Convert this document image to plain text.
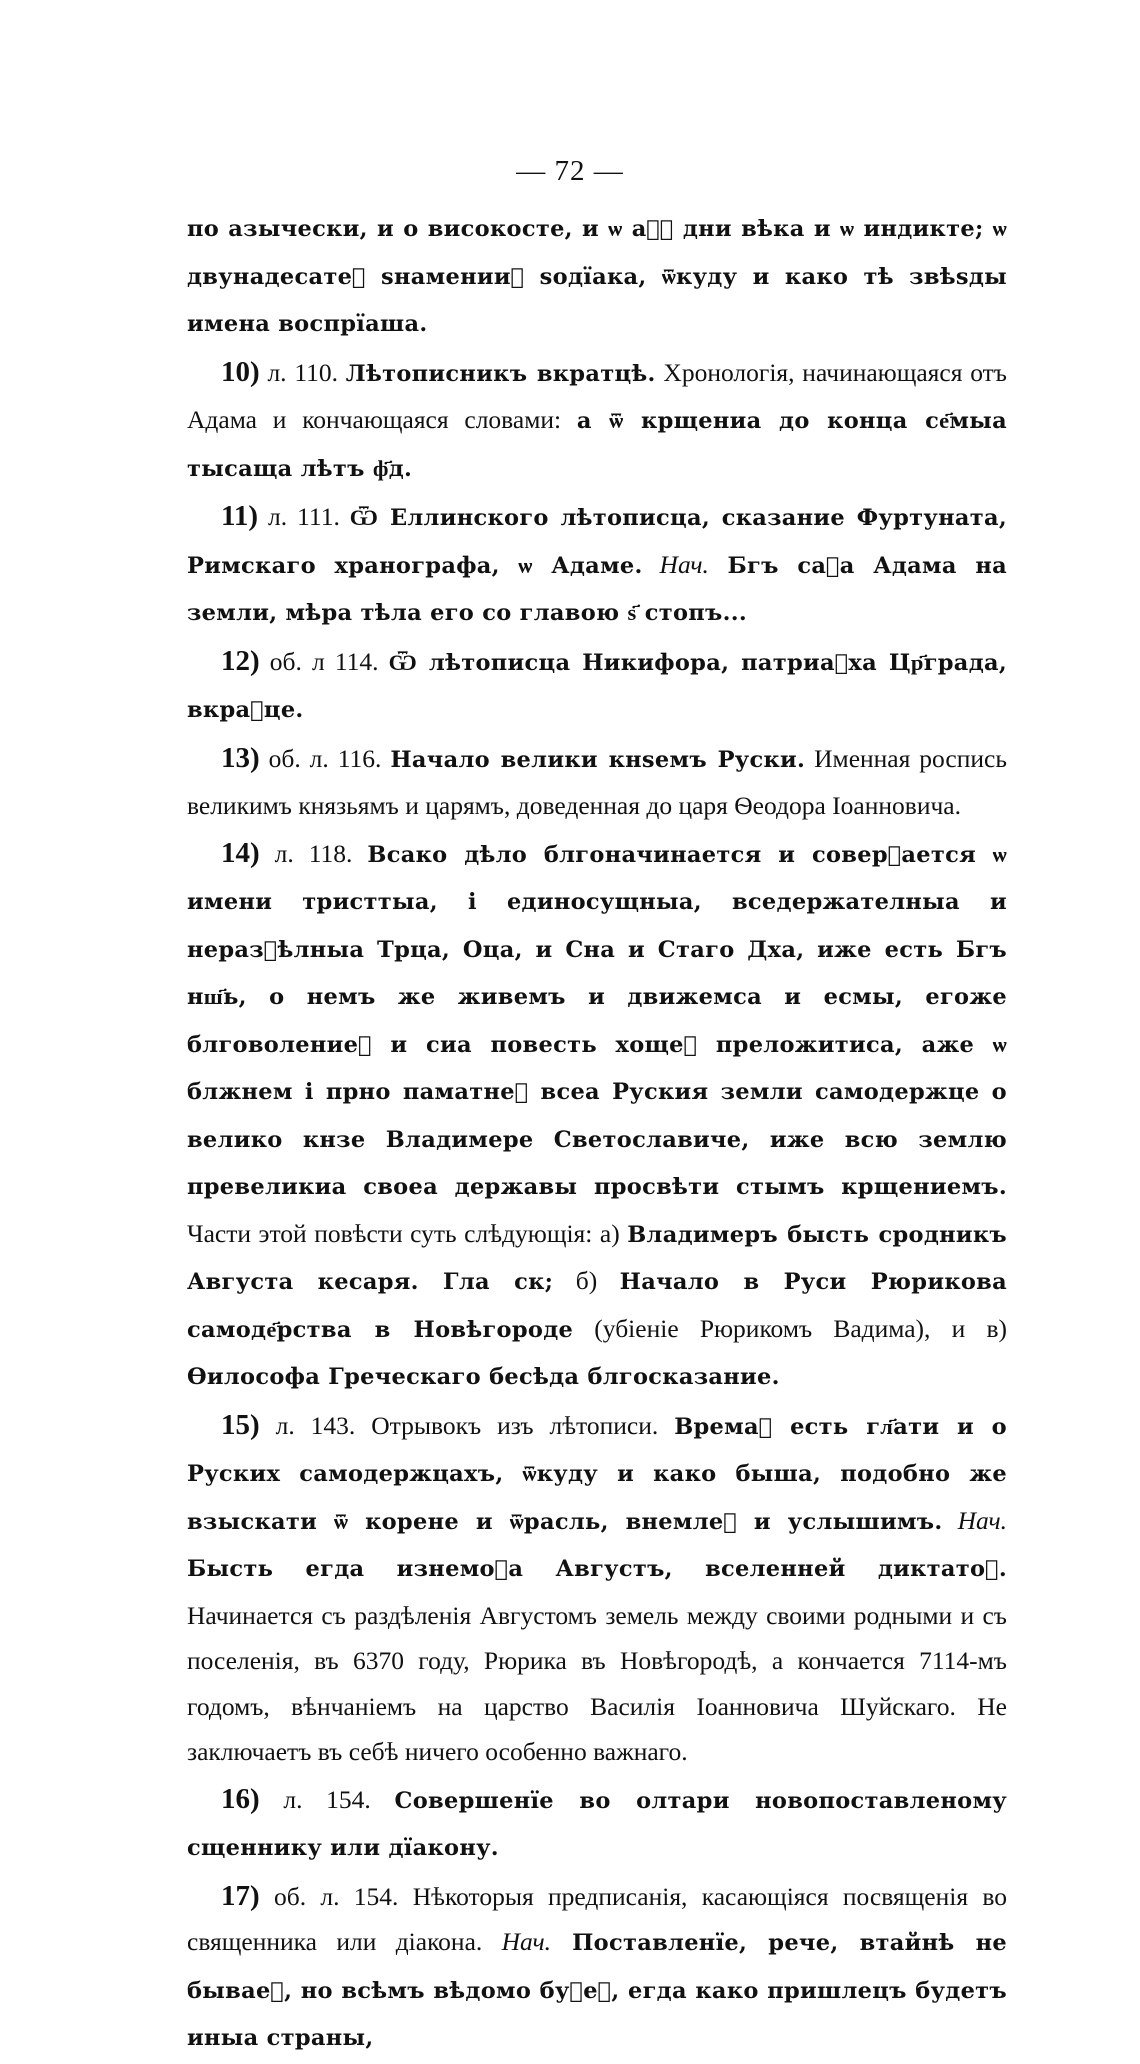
— 72 —

по азычески, и о високосте, и ѡ а҃ⷯ дни вѣка и ѡ индикте; ѡ двунадесатеⷯ ѕнаменииⷯ ѕодїака, ѿкуду и како тѣ звѣѕды имена воспрїаша.

10) л. 110. Лѣтописникъ вкратцѣ. Хронологія, начинающаяся отъ Адама и кончающаяся словами: а ѿ крщениа до конца се҃мыа тысаща лѣтъ ф҃д.

11) л. 111. Ѿ Еллинского лѣтописца, сказание Фуртуната, Римскаго хранографа, ѡ Адаме. Нач. Бгъ саⷣа Адама на земли, мѣра тѣла его со главою ѕ҃ стопъ...

12) об. л 114. Ѿ лѣтописца Никифора, патриаⷬха Цр҃града, вкраⷮце.

13) об. л. 116. Начало велики кнѕемъ Руски. Именная роспись великимъ князьямъ и царямъ, доведенная до царя Ѳеодора Іоанновича.

14) л. 118. Всако дѣло блгоначинается и соверⷲается ѡ имени тристтыа, і единосущныа, вседержателныа и неразⷣѣлныа Трца, Оца, и Сна и Стаго Дха, иже есть Бгъ нш҃ь, о немъ же живемъ и движемса и есмы, егоже блговолениеⷨ и сиа повесть хощеⷮ преложитиса, аже ѡ блжнем і прно паматнеⷨ всеа Руския земли самодержце о велико кнзе Владимере Светославиче, иже всю землю превеликиа своеа державы просвѣти стымъ крщениемъ. Части этой повѣсти суть слѣдующія: а) Владимеръ бысть сродникъ Августа кесаря. Гла ск; б) Начало в Руси Рюрикова самоде҃рства в Новѣгороде (убіеніе Рюрикомъ Вадима), и в) Ѳилософа Греческаго бесѣда блгосказание.

15) л. 143. Отрывокъ изъ лѣтописи. Времаⷨ есть гл҃ати и о Руских самодержцахъ, ѿкуду и како быша, подобно же взыскати ѿ корене и ѿрасль, внемлеⷨ и услышимъ. Нач. Бысть егда изнемоⷤа Августъ, вселенней диктатоⷬ. Начинается съ раздѣленія Августомъ земель между своими родными и съ поселенія, въ 6370 году, Рюрика въ Новѣгородѣ, а кончается 7114-мъ годомъ, вѣнчаніемъ на царство Василія Іоанновича Шуйскаго. Не заключаетъ въ себѣ ничего особенно важнаго.

16) л. 154. Совершенїе во олтари новопоставленому сщеннику или дїакону.

17) об. л. 154. Нѣкоторыя предписанія, касающіяся посвященія во священника или діакона. Нач. Поставленїе, рече, втайнѣ не бываеⷮ, но всѣмъ вѣдомо буⷣеⷮ, егда како пришлецъ будетъ иныа страны,
